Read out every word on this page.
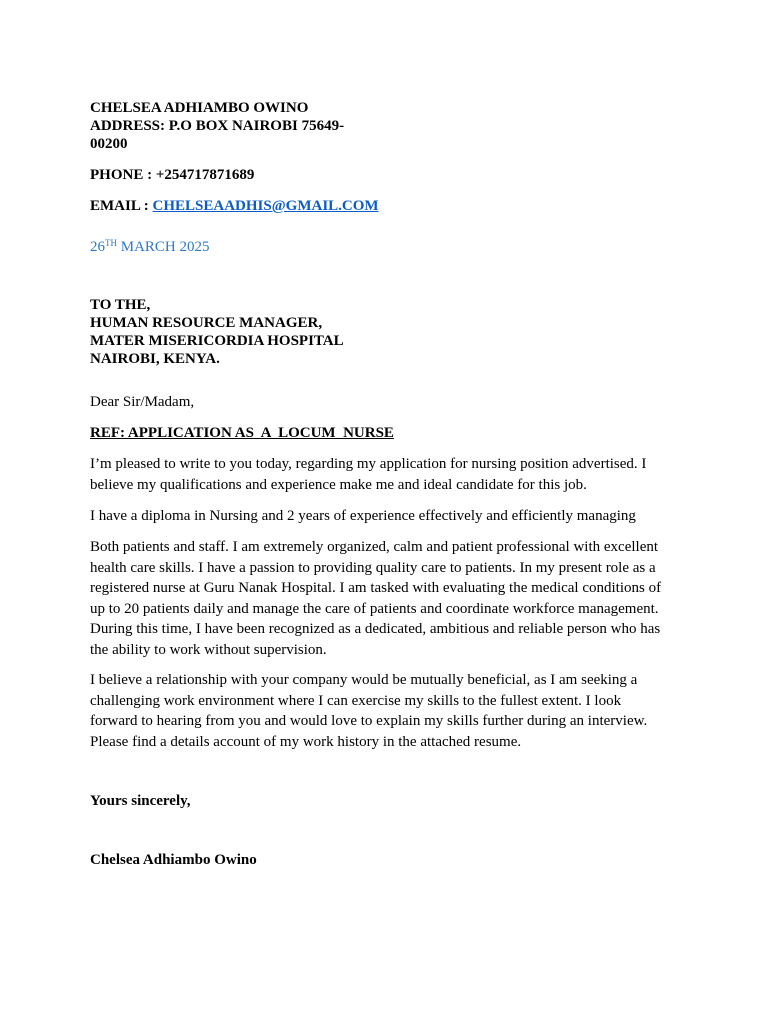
CHELSEA ADHIAMBO OWINO
ADDRESS: P.O BOX NAIROBI 75649-
00200
PHONE : +254717871689
EMAIL : CHELSEAADHIS@GMAIL.COM
26TH MARCH 2025
TO THE,
HUMAN RESOURCE MANAGER,
MATER MISERICORDIA HOSPITAL
NAIROBI, KENYA.
Dear Sir/Madam,
REF: APPLICATION AS  A  LOCUM  NURSE

I’m pleased to write to you today, regarding my application for nursing position advertised. I believe my qualifications and experience make me and ideal candidate for this job.

I have a diploma in Nursing and 2 years of experience effectively and efficiently managing

Both patients and staff. I am extremely organized, calm and patient professional with excellent health care skills. I have a passion to providing quality care to patients. In my present role as a registered nurse at Guru Nanak Hospital. I am tasked with evaluating the medical conditions of up to 20 patients daily and manage the care of patients and coordinate workforce management. During this time, I have been recognized as a dedicated, ambitious and reliable person who has the ability to work without supervision.

I believe a relationship with your company would be mutually beneficial, as I am seeking a challenging work environment where I can exercise my skills to the fullest extent. I look forward to hearing from you and would love to explain my skills further during an interview. Please find a details account of my work history in the attached resume.

Yours sincerely,
Chelsea Adhiambo Owino
